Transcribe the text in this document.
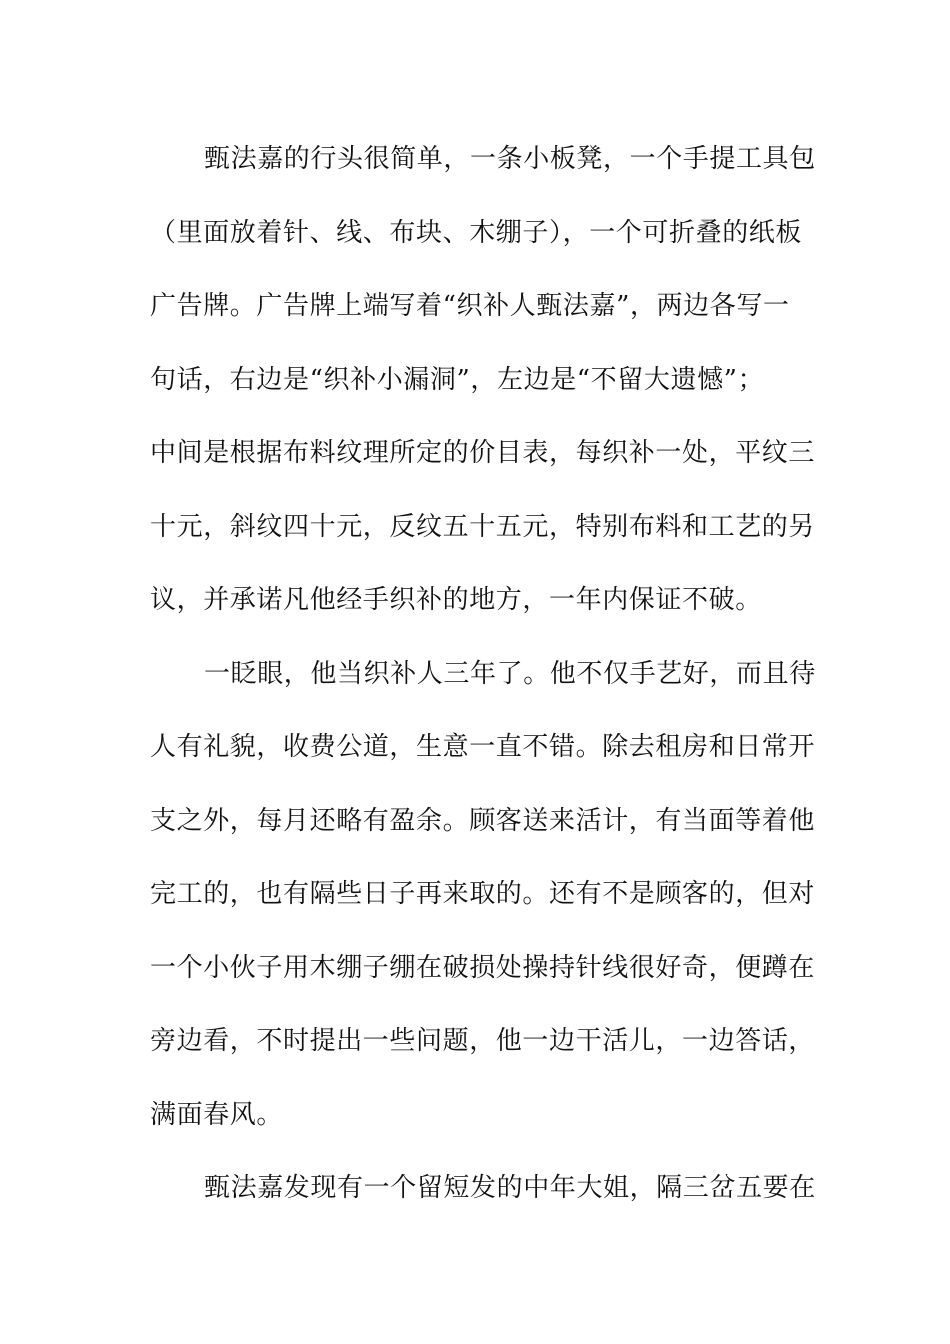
甄法嘉的行头很简单，一条小板凳，一个手提工具包
（里面放着针、线、布块、木绷子），一个可折叠的纸板
广告牌。广告牌上端写着“织补人甄法嘉”，两边各写一
句话，右边是“织补小漏洞”，左边是“不留大遗憾”；
中间是根据布料纹理所定的价目表，每织补一处，平纹三
十元，斜纹四十元，反纹五十五元，特别布料和工艺的另
议，并承诺凡他经手织补的地方，一年内保证不破。
一眨眼，他当织补人三年了。他不仅手艺好，而且待
人有礼貌，收费公道，生意一直不错。除去租房和日常开
支之外，每月还略有盈余。顾客送来活计，有当面等着他
完工的，也有隔些日子再来取的。还有不是顾客的，但对
一个小伙子用木绷子绷在破损处操持针线很好奇，便蹲在
旁边看，不时提出一些问题，他一边干活儿，一边答话，
满面春风。
甄法嘉发现有一个留短发的中年大姐，隔三岔五要在
